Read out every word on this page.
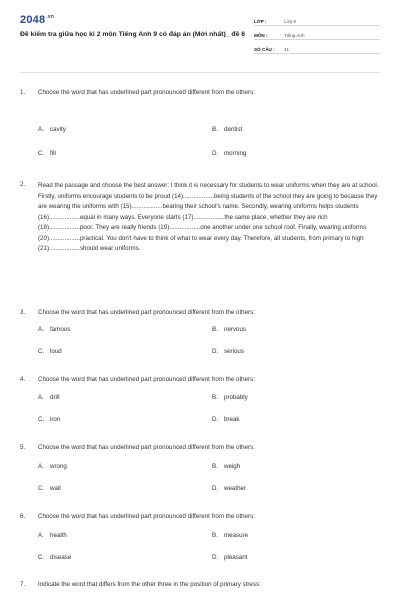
$2048^{.vn}$
Đề kiểm tra giữa học kì 2 môn Tiếng Anh 9 có đáp án (Mới nhất)_ đề 6
LỚP :	Lớp 9
MÔN :	Tiếng Anh
SỐ CÂU :	41
1.	Choose the word that has underlined part pronounced different from the others:
A. cavity	B. dentist
C. fill	D. morning
2.	Read the passage and choose the best answer: I think it is necessary for students to wear uniforms when they are at school. Firstly, uniforms encourage students to be proud (14)..................being students of the school they are going to because they are wearing the uniforms with (15)..................bearing their school's name. Secondly, wearing uniforms helps students (16)..................equal in many ways. Everyone starts (17)..................the same place, whether they are rich (18)..................poor. They are really friends (19)..................one another under one school roof. Finally, wearing uniforms (20)..................practical. You don't have to think of what to wear every day. Therefore, all students, from primary to high (21)..................should wear uniforms.
3.	Choose the word that has underlined part pronounced different from the others:
A. famous	B. nervous
C. loud	D. serious
4.	Choose the word that has underlined part pronounced different from the others:
A. drill	B. probably
C. iron	D. break
5.	Choose the word that has underlined part pronounced different from the others:
A. wrong	B. weigh
C. wait	D. weather
6.	Choose the word that has underlined part pronounced different from the others:
A. health	B. measure
C. disease	D. pleasant
7.	Indicate the word that differs from the other three in the position of primary stress:
